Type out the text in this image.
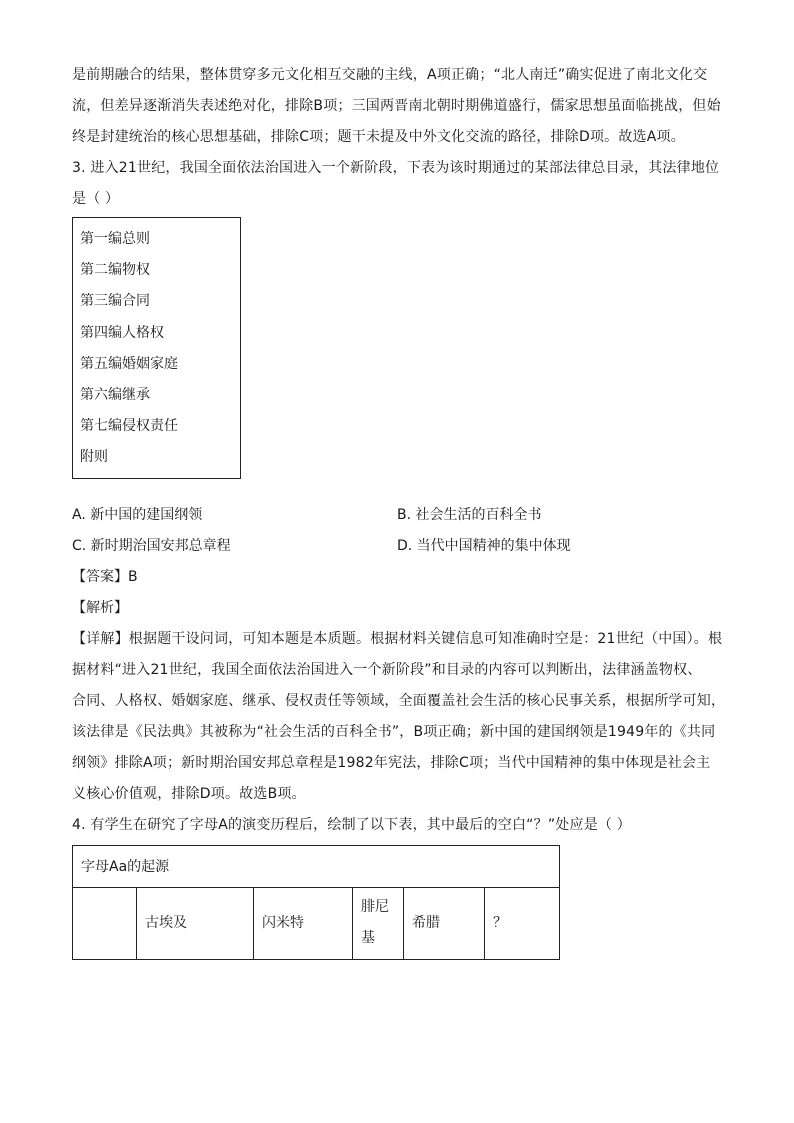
是前期融合的结果，整体贯穿多元文化相互交融的主线，A项正确；“北人南迁”确实促进了南北文化交
流，但差异逐渐消失表述绝对化，排除B项；三国两晋南北朝时期佛道盛行，儒家思想虽面临挑战，但始
终是封建统治的核心思想基础，排除C项；题干未提及中外文化交流的路径，排除D项。故选A项。
3. 进入21世纪，我国全面依法治国进入一个新阶段，下表为该时期通过的某部法律总目录，其法律地位
是（ ）
第一编总则
第二编物权
第三编合同
第四编人格权
第五编婚姻家庭
第六编继承
第七编侵权责任
附则
A. 新中国的建国纲领	B. 社会生活的百科全书
C. 新时期治国安邦总章程	D. 当代中国精神的集中体现
【答案】B
【解析】
【详解】根据题干设问词，可知本题是本质题。根据材料关键信息可知准确时空是：21世纪（中国）。根
据材料“进入21世纪，我国全面依法治国进入一个新阶段”和目录的内容可以判断出，法律涵盖物权、
合同、人格权、婚姻家庭、继承、侵权责任等领域，全面覆盖社会生活的核心民事关系，根据所学可知，
该法律是《民法典》其被称为“社会生活的百科全书”，B项正确；新中国的建国纲领是1949年的《共同
纲领》排除A项；新时期治国安邦总章程是1982年宪法，排除C项；当代中国精神的集中体现是社会主
义核心价值观，排除D项。故选B项。
4. 有学生在研究了字母A的演变历程后，绘制了以下表，其中最后的空白“？”处应是（ ）
字母Aa的起源
	古埃及	闪米特	腓尼基	希腊	？
